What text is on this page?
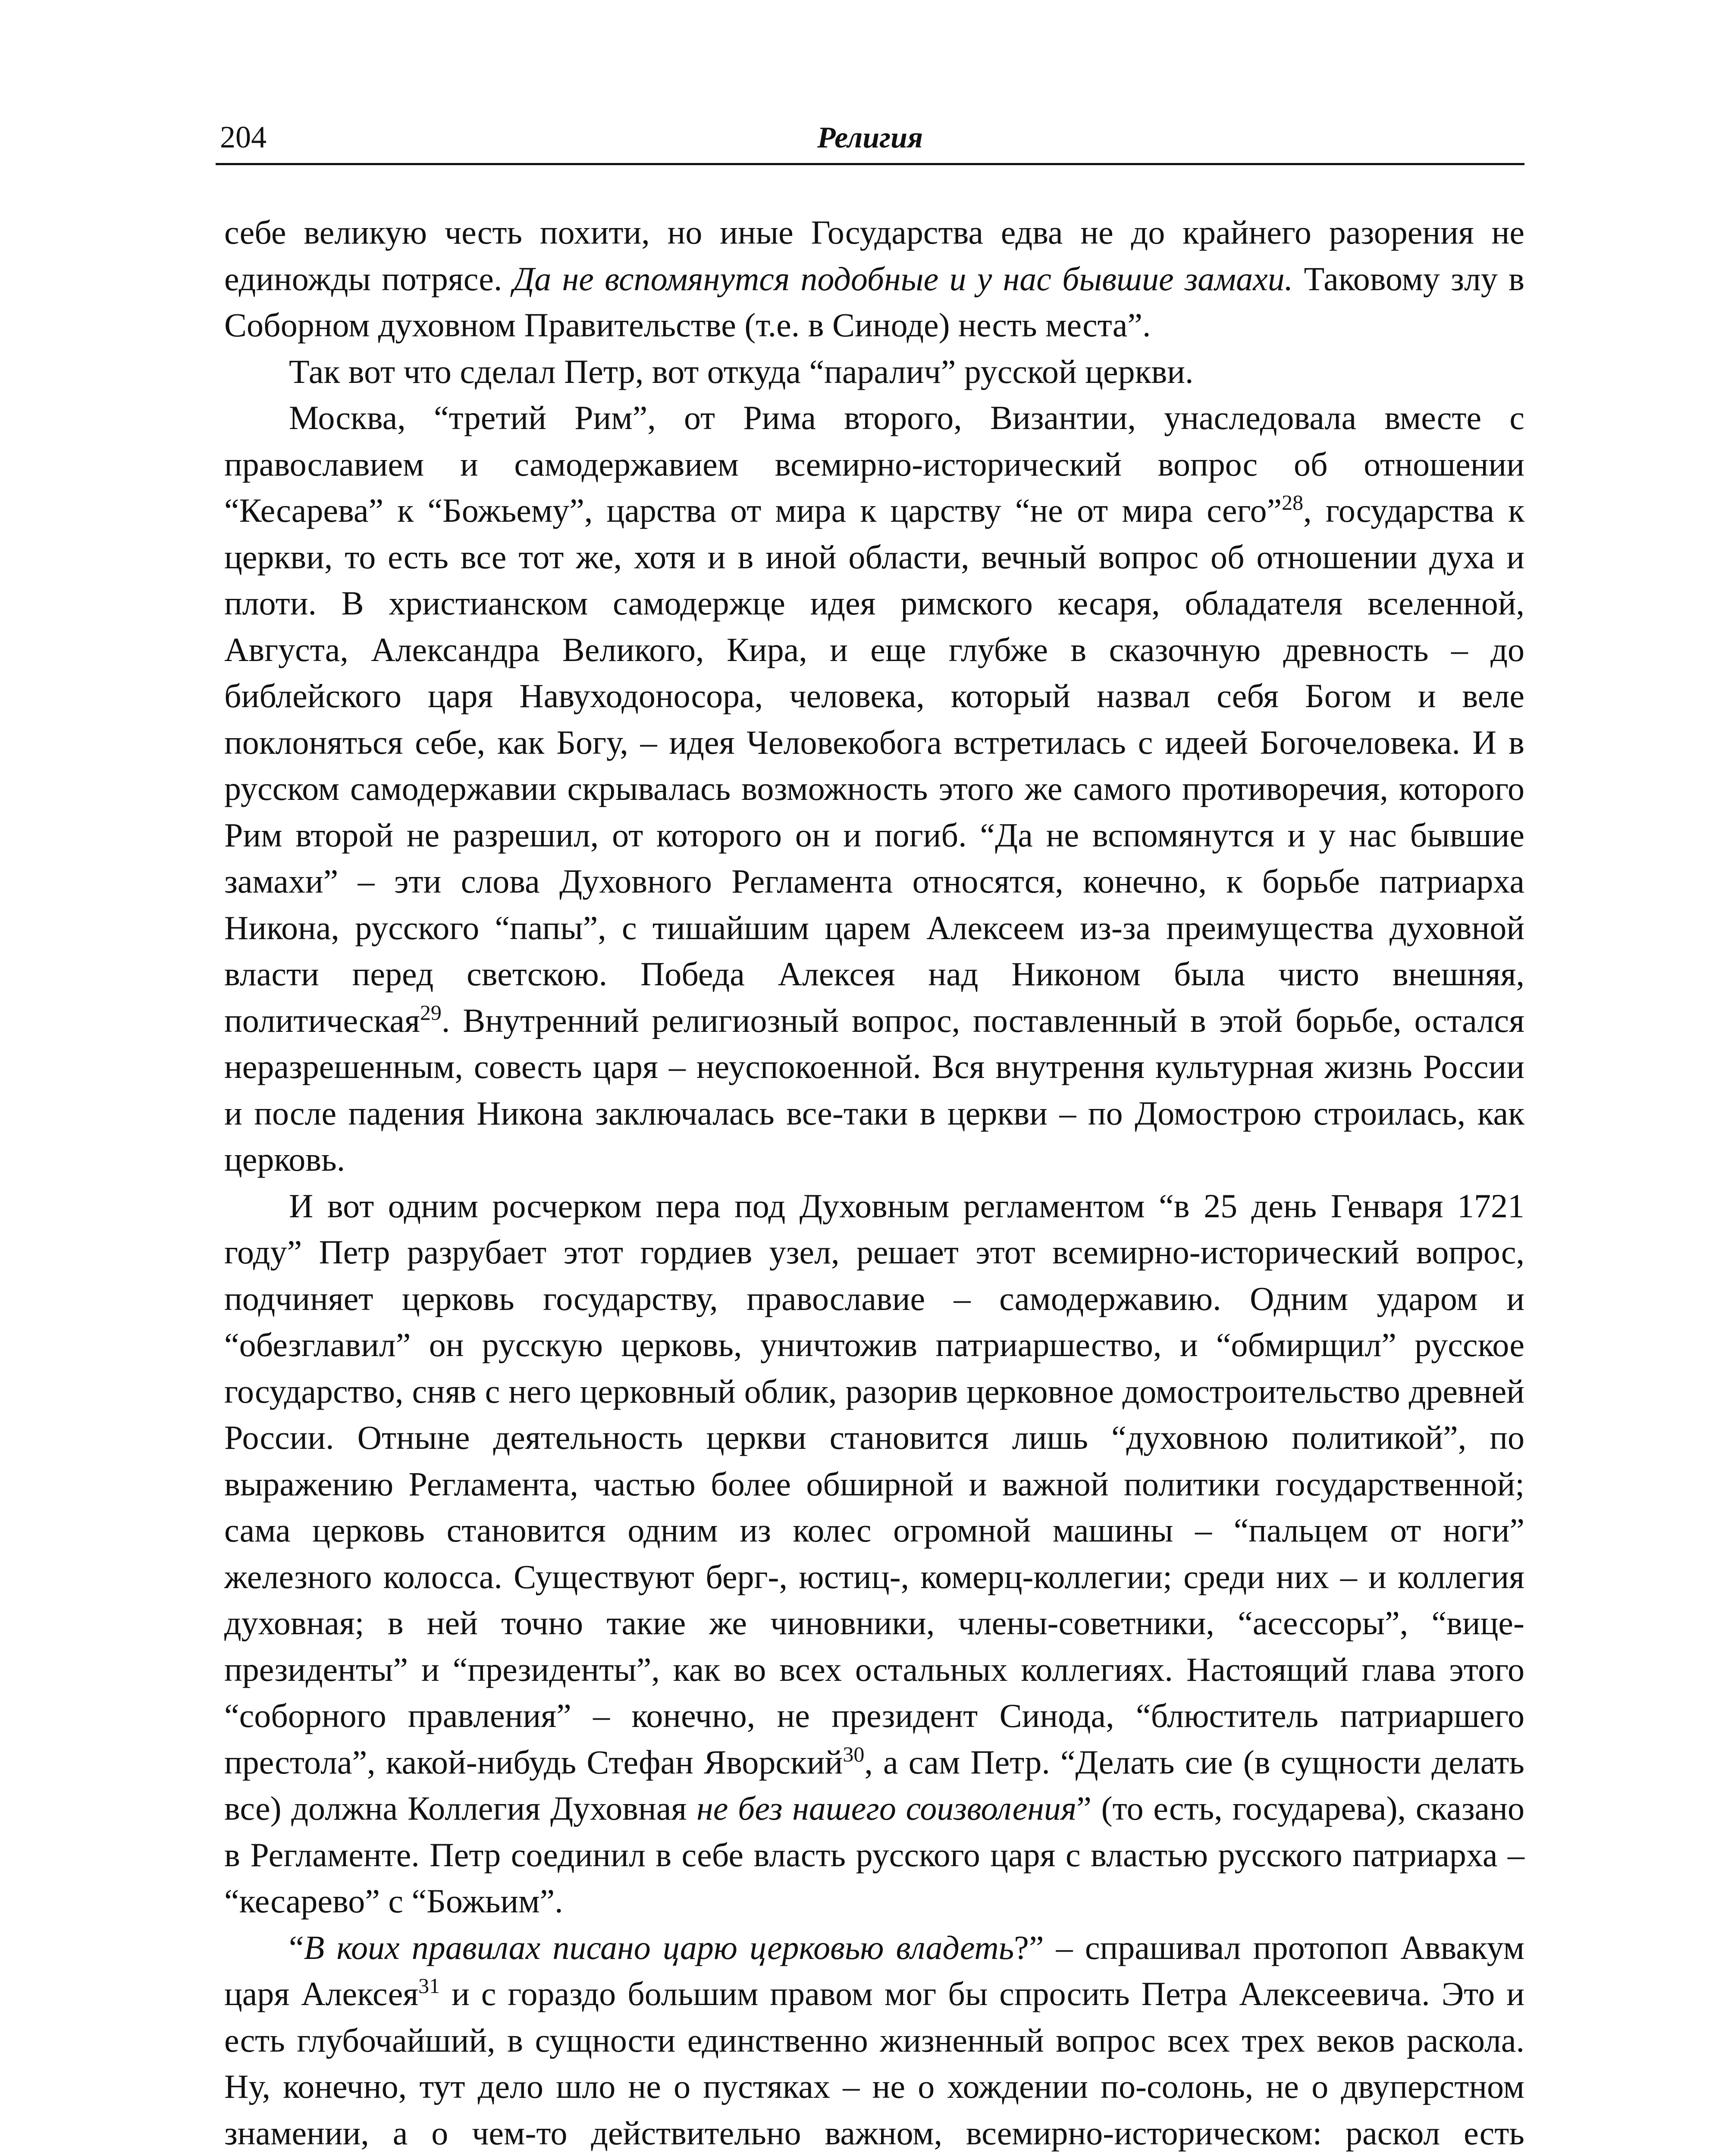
204	Религия

себе великую честь похити, но иные Государства едва не до крайнего разорения не единожды потрясе. Да не вспомянутся подобные и у нас бывшие замахи. Таковому злу в Соборном духовном Правительстве (т.е. в Синоде) несть места”.

Так вот что сделал Петр, вот откуда “паралич” русской церкви.

Москва, “третий Рим”, от Рима второго, Византии, унаследовала вместе с православием и самодержавием всемирно-исторический вопрос об отношении “Кесарева” к “Божьему”, царства от мира к царству “не от мира сего”$^{28}$, государства к церкви, то есть все тот же, хотя и в иной области, вечный вопрос об отношении духа и плоти. В христианском самодержце идея римского кесаря, обладателя вселенной, Августа, Александра Великого, Кира, и еще глубже в сказочную древность – до библейского царя Навуходоносора, человека, который назвал себя Богом и веле поклоняться себе, как Богу, – идея Человекобога встретилась с идеей Богочеловека. И в русском самодержавии скрывалась возможность этого же самого противоречия, которого Рим второй не разрешил, от которого он и погиб. “Да не вспомянутся и у нас бывшие замахи” – эти слова Духовного Регламента относятся, конечно, к борьбе патриарха Никона, русского “папы”, с тишайшим царем Алексеем из-за преимущества духовной власти перед светскою. Победа Алексея над Никоном была чисто внешняя, политическая$^{29}$. Внутренний религиозный вопрос, поставленный в этой борьбе, остался неразрешенным, совесть царя – неуспокоенной. Вся внутрення культурная жизнь России и после падения Никона заключалась все-таки в церкви – по Домострою строилась, как церковь.

И вот одним росчерком пера под Духовным регламентом “в 25 день Генваря 1721 году” Петр разрубает этот гордиев узел, решает этот всемирно-исторический вопрос, подчиняет церковь государству, православие – самодержавию. Одним ударом и “обезглавил” он русскую церковь, уничтожив патриаршество, и “обмирщил” русское государство, сняв с него церковный облик, разорив церковное домостроительство древней России. Отныне деятельность церкви становится лишь “духовною политикой”, по выражению Регламента, частью более обширной и важной политики государственной; сама церковь становится одним из колес огромной машины – “пальцем от ноги” железного колосса. Существуют берг-, юстиц-, комерц-коллегии; среди них – и коллегия духовная; в ней точно такие же чиновники, члены-советники, “асессоры”, “вице-президенты” и “президенты”, как во всех остальных коллегиях. Настоящий глава этого “соборного правления” – конечно, не президент Синода, “блюститель патриаршего престола”, какой-нибудь Стефан Яворский$^{30}$, а сам Петр. “Делать сие (в сущности делать все) должна Коллегия Духовная не без нашего соизволения” (то есть, государева), сказано в Регламенте. Петр соединил в себе власть русского царя с властью русского патриарха – “кесарево” с “Божьим”.

“В коих правилах писано царю церковью владеть?” – спрашивал протопоп Аввакум царя Алексея$^{31}$ и с гораздо большим правом мог бы спросить Петра Алексеевича. Это и есть глубочайший, в сущности единственно жизненный вопрос всех трех веков раскола. Ну, конечно, тут дело шло не о пустяках – не о хождении по-солонь, не о двуперстном знамении, а о чем-то действительно важном, всемирно-историческом: раскол есть
